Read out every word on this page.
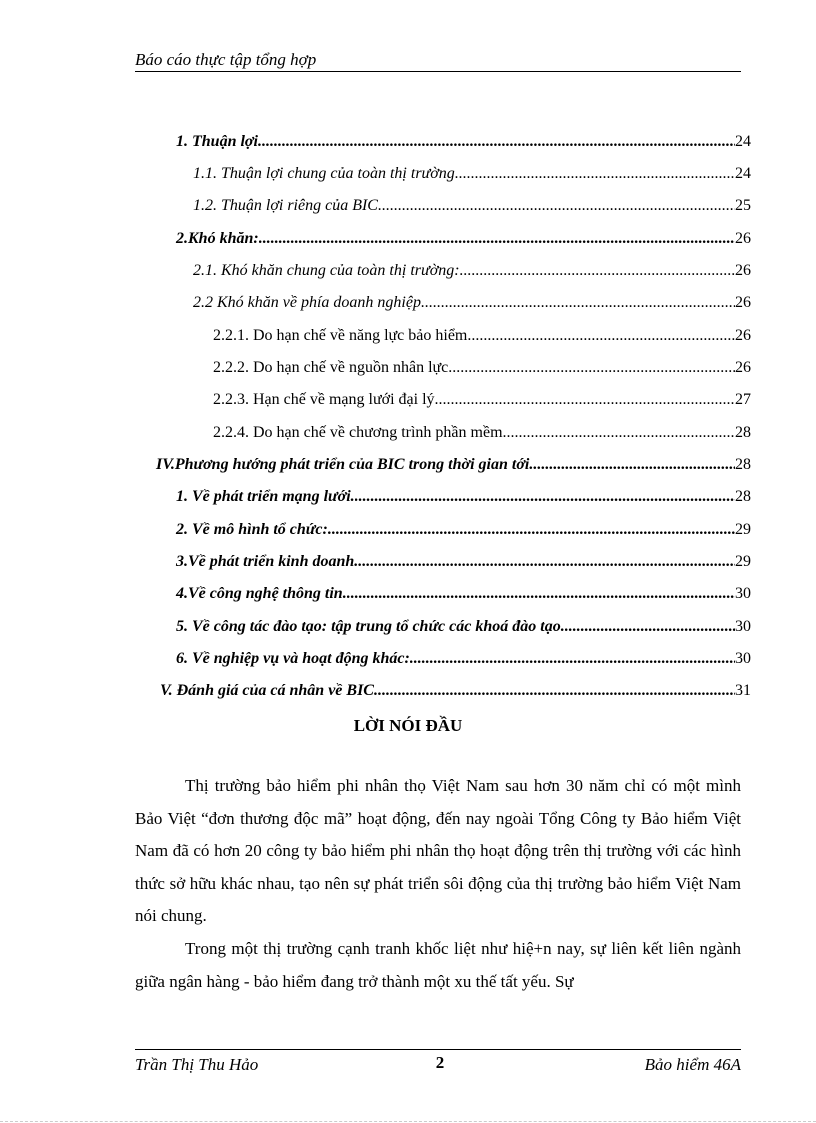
Báo cáo thực tập tổng hợp
1. Thuận lợi .....	24
1.1. Thuận lợi chung của toàn thị trường .....	24
1.2. Thuận lợi riêng của BIC .....	25
2.Khó khăn: .....	26
2.1. Khó khăn chung của toàn thị trường: .....	26
2.2 Khó khăn về phía doanh nghiệp. .....	26
2.2.1. Do hạn chế về năng lực bảo hiểm. .....	26
2.2.2. Do hạn chế về nguồn nhân lực. .....	26
2.2.3. Hạn chế về mạng lưới đại lý. .....	27
2.2.4. Do hạn chế về chương trình phần mềm. .....	28
IV.Phương hướng phát triển của BIC trong thời gian tới. .....	28
1. Về phát triển mạng lưới. .....	28
2. Về mô hình tổ chức: .....	29
3.Về phát triển kinh doanh .....	29
4.Về công nghệ thông tin. .....	30
5. Về công tác đào tạo: tập trung tổ chức các khoá đào tạo. .....	30
6. Về nghiệp vụ và hoạt động khác: .....	30
V. Đánh giá của cá nhân về BIC. .....	31
LỜI NÓI ĐẦU

Thị trường bảo hiểm phi nhân thọ Việt Nam sau hơn 30 năm chỉ có một mình Bảo Việt “đơn thương độc mã” hoạt động, đến nay ngoài Tổng Công ty Bảo hiểm Việt Nam đã có hơn 20 công ty bảo hiểm phi nhân thọ hoạt động trên thị trường với các hình thức sở hữu khác nhau, tạo nên sự phát triển sôi động của thị trường bảo hiểm Việt Nam nói chung.

Trong một thị trường cạnh tranh khốc liệt như hiệ+n nay, sự liên kết liên ngành giữa ngân hàng - bảo hiểm đang trở thành một xu thế tất yếu. Sự

Trần Thị Thu Hảo	2	Bảo hiểm 46A
